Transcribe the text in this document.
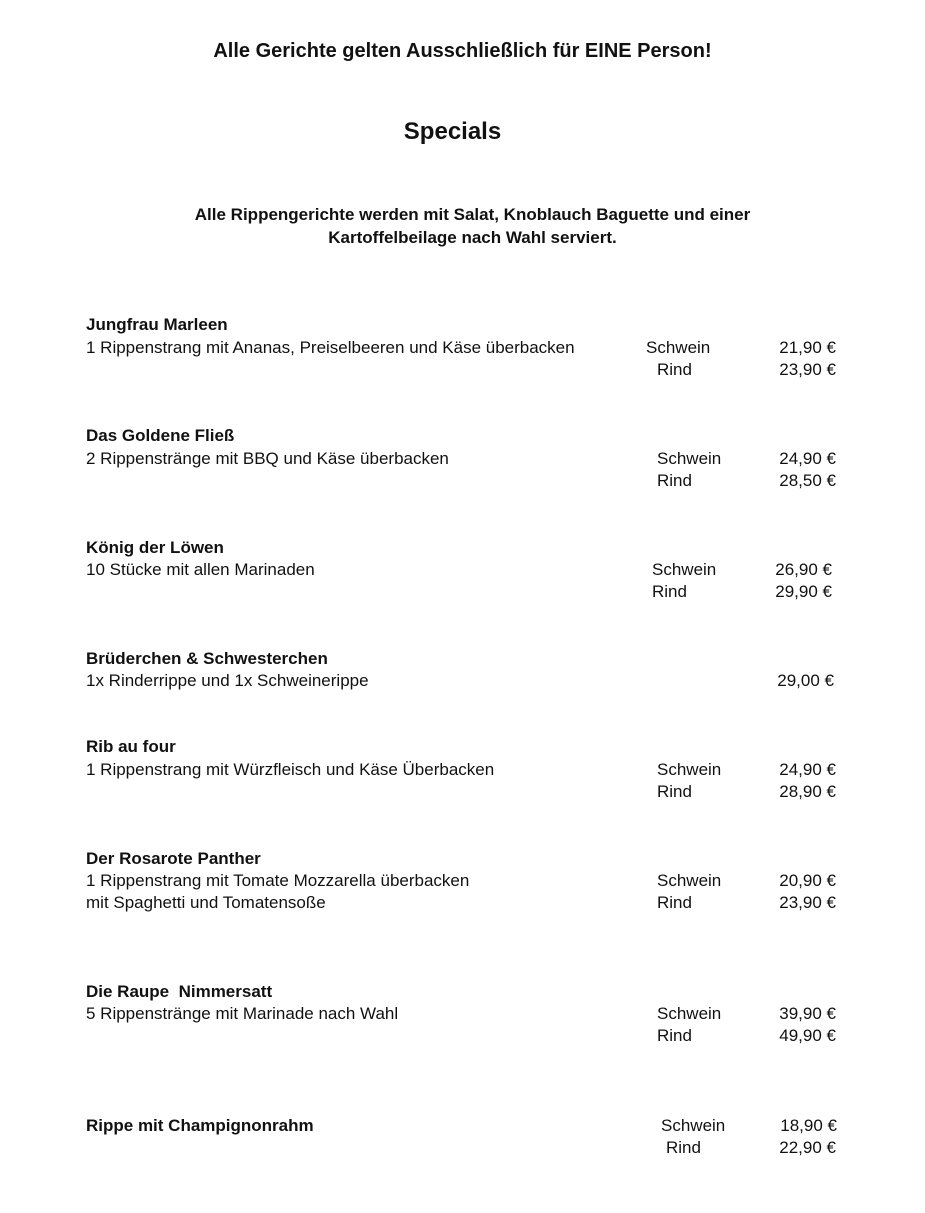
Alle Gerichte gelten Ausschließlich für EINE Person!
Specials
Alle Rippengerichte werden mit Salat, Knoblauch Baguette und einer
Kartoffelbeilage nach Wahl serviert.
Jungfrau Marleen
1 Rippenstrang mit Ananas, Preiselbeeren und Käse überbacken	Schwein	21,90 €
Rind	23,90 €
Das Goldene Fließ
2 Rippenstränge mit BBQ und Käse überbacken	Schwein	24,90 €
Rind	28,50 €
König der Löwen
10 Stücke mit allen Marinaden	Schwein	26,90 €
Rind	29,90 €
Brüderchen & Schwesterchen
1x Rinderrippe und 1x Schweinerippe	29,00 €
Rib au four
1 Rippenstrang mit Würzfleisch und Käse Überbacken	Schwein	24,90 €
Rind	28,90 €
Der Rosarote Panther
1 Rippenstrang mit Tomate Mozzarella überbacken
mit Spaghetti und Tomatensoße
Schwein	20,90 €
Rind	23,90 €
Die Raupe  Nimmersatt
5 Rippenstränge mit Marinade nach Wahl	Schwein	39,90 €
Rind	49,90 €
Rippe mit Champignonrahm	Schwein	18,90 €
Rind	22,90 €
